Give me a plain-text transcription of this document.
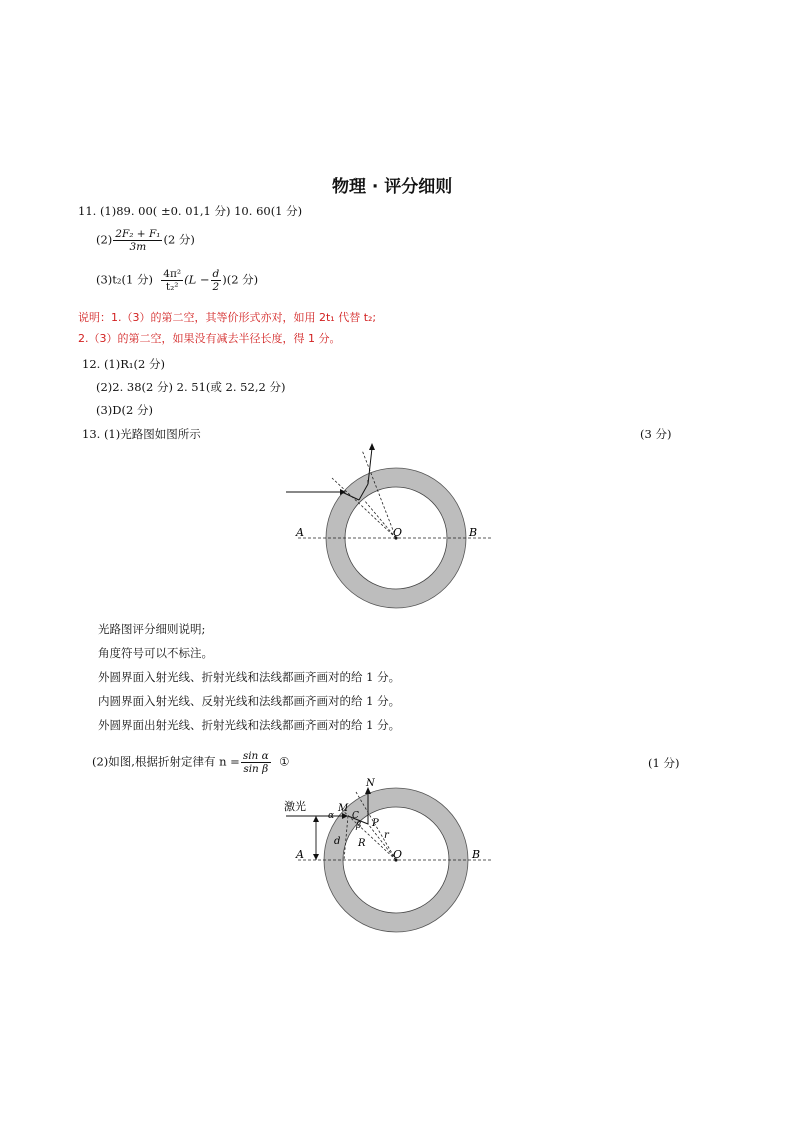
物理 · 评分细则
11. (1)89. 00( ±0. 01,1 分) 10. 60(1 分)
$(2) \frac{\text{2F₂ + F₁}}{3m} (2$ 分)
(3)t₂(1 分) $\frac{\text{4π²}}{\text{t₂²}} (L - \frac{d}{2} )(2$ 分)
说明：1.（3）的第二空，其等价形式亦对，如用 2t₁ 代替 t₂;
2.（3）的第二空，如果没有减去半径长度，得 1 分。
12. (1)R₁(2 分)
(2)2. 38(2 分) 2. 51(或 2. 52,2 分)
(3)D(2 分)
13. (1)光路图如图所示	(3 分)
A	O	B
光路图评分细则说明;
角度符号可以不标注。
外圆界面入射光线、折射光线和法线都画齐画对的给 1 分。
内圆界面入射光线、反射光线和法线都画齐画对的给 1 分。
外圆界面出射光线、折射光线和法线都画齐画对的给 1 分。
(2)如图,根据折射定律有 $n = \frac{\text{sin α}}{\text{sin β}}$ ①	(1 分)
激光	M
N
α C
β P
r
R
d
A	O	B
